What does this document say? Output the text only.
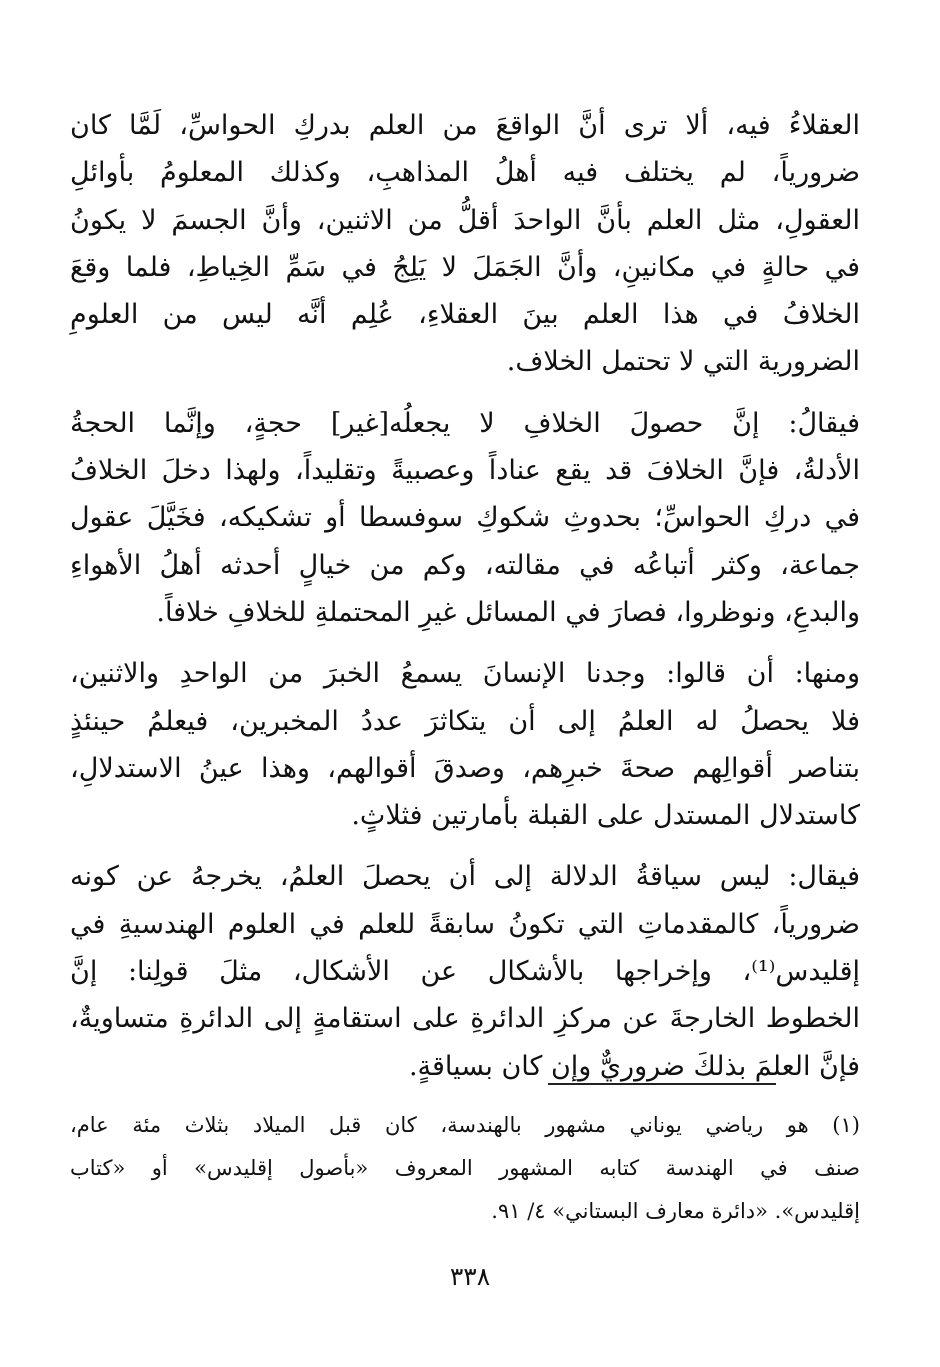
العقلاءُ فيه، ألا ترى أنَّ الواقعَ من العلم بدركِ الحواسِّ، لَمَّا كان
ضرورياً، لم يختلف فيه أهلُ المذاهبِ، وكذلك المعلومُ بأوائلِ
العقولِ، مثل العلم بأنَّ الواحدَ أقلُّ من الاثنين، وأنَّ الجسمَ لا يكونُ
في حالةٍ في مكانينِ، وأنَّ الجَمَلَ لا يَلِجُ في سَمِّ الخِياطِ، فلما وقعَ
الخلافُ في هذا العلم بينَ العقلاءِ، عُلِم أنَّه ليس من العلومِ
الضرورية التي لا تحتمل الخلاف.

فيقالُ: إنَّ حصولَ الخلافِ لا يجعلُه[غير] حجةٍ، وإنَّما الحجةُ
الأدلةُ، فإنَّ الخلافَ قد يقع عناداً وعصبيةً وتقليداً، ولهذا دخلَ الخلافُ
في دركِ الحواسِّ؛ بحدوثِ شكوكِ سوفسطا أو تشكيكه، فخَيَّلَ عقول
جماعة، وكثر أتباعُه في مقالته، وكم من خيالٍ أحدثه أهلُ الأهواءِ
والبدعِ، ونوظروا، فصارَ في المسائل غيرِ المحتملةِ للخلافِ خلافاً.

ومنها: أن قالوا: وجدنا الإنسانَ يسمعُ الخبرَ من الواحدِ والاثنين،
فلا يحصلُ له العلمُ إلى أن يتكاثرَ عددُ المخبرين، فيعلمُ حينئذٍ
بتناصر أقوالِهم صحةَ خبرِهم، وصدقَ أقوالهم، وهذا عينُ الاستدلالِ،
كاستدلال المستدل على القبلة بأمارتين فثلاثٍ.

فيقال: ليس سياقةُ الدلالة إلى أن يحصلَ العلمُ، يخرجهُ عن كونه
ضرورياً، كالمقدماتِ التي تكونُ سابقةً للعلم في العلوم الهندسيةِ في
إقليدس⁽¹⁾، وإخراجها بالأشكال عن الأشكال، مثلَ قولِنا: إنَّ
الخطوط الخارجةَ عن مركزِ الدائرةِ على استقامةٍ إلى الدائرةِ متساويةٌ،
فإنَّ العلمَ بذلكَ ضروريٌّ وإن كان بسياقةٍ.

(١) هو رياضي يوناني مشهور بالهندسة، كان قبل الميلاد بثلاث مئة عام،
صنف في الهندسة كتابه المشهور المعروف «بأصول إقليدس» أو «كتاب
إقليدس». «دائرة معارف البستاني» ٤/ ٩١.
٣٣٨
